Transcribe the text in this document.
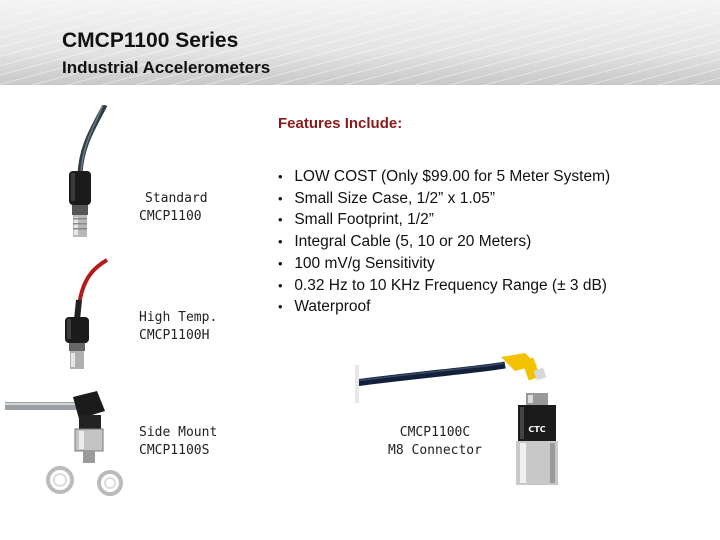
CMCP1100 Series
Industrial Accelerometers
Features Include:
• LOW COST (Only $99.00 for 5 Meter System)
• Small Size Case, 1/2” x 1.05”
• Small Footprint, 1/2”
• Integral Cable (5, 10 or 20 Meters)
• 100 mV/g Sensitivity
• 0.32 Hz to 10 KHz Frequency Range (± 3 dB)
• Waterproof
Standard
CMCP1100
High Temp.
CMCP1100H
Side Mount
CMCP1100S
CMCP1100C
M8 Connector
CTC
